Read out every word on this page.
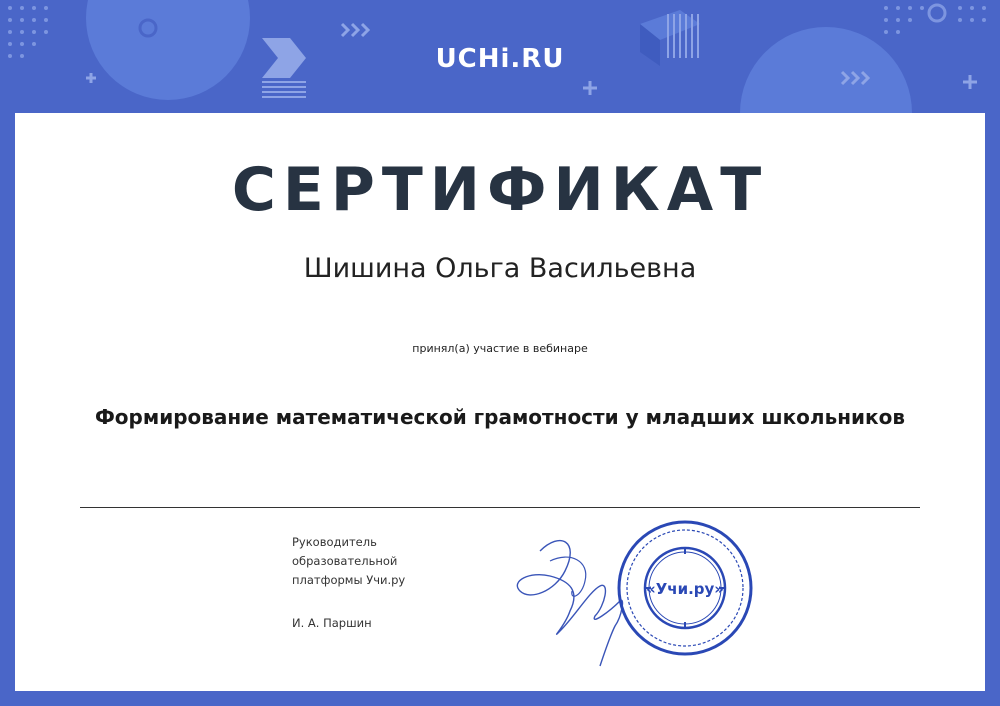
UCHi.RU
СЕРТИФИКАТ
Шишина Ольга Васильевна
принял(а) участие в вебинаре
Формирование математической грамотности у младших школьников
Руководитель
образовательной
платформы Учи.ру
И. А. Паршин
«Учи.ру»
